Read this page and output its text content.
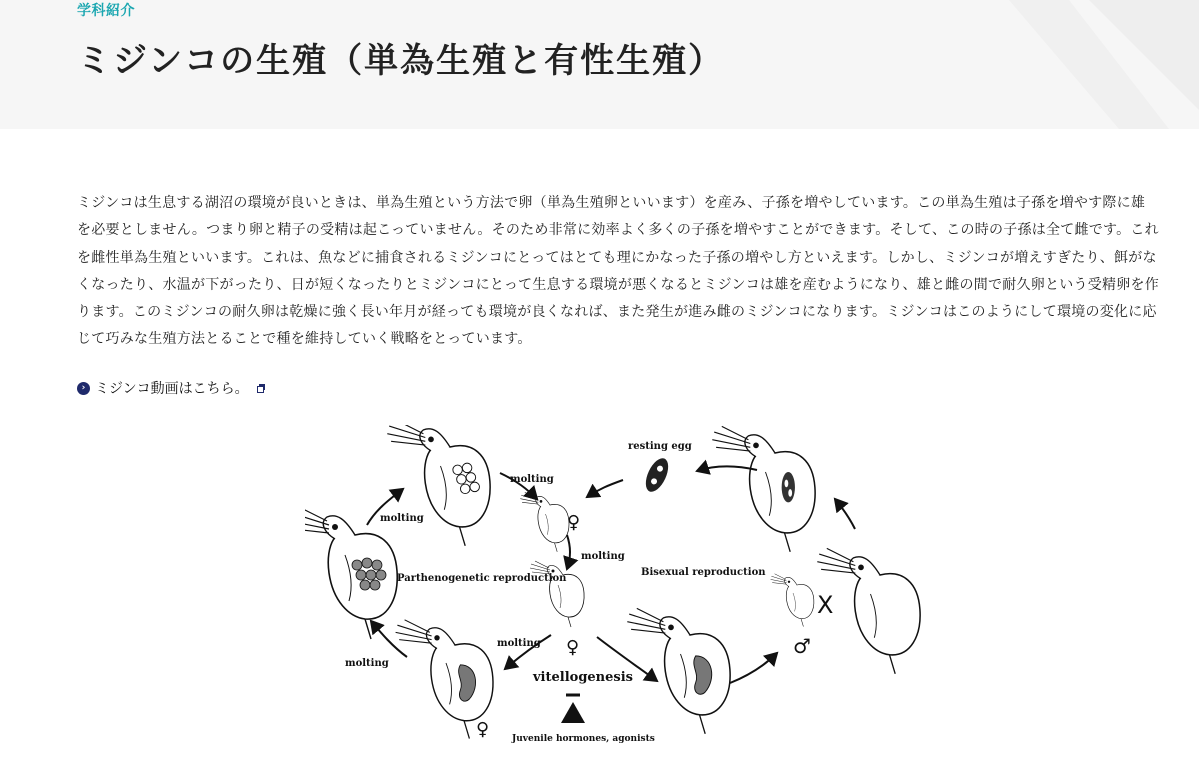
学科紹介
ミジンコの生殖（単為生殖と有性生殖）

ミジンコは生息する湖沼の環境が良いときは、単為生殖という方法で卵（単為生殖卵といいます）を産み、子孫を増やしています。この単為生殖は子孫を増やす際に雄を必要としません。つまり卵と精子の受精は起こっていません。そのため非常に効率よく多くの子孫を増やすことができます。そして、この時の子孫は全て雌です。これを雌性単為生殖といいます。これは、魚などに捕食されるミジンコにとってはとても理にかなった子孫の増やし方といえます。しかし、ミジンコが増えすぎたり、餌がなくなったり、水温が下がったり、日が短くなったりとミジンコにとって生息する環境が悪くなるとミジンコは雄を産むようになり、雄と雌の間で耐久卵という受精卵を作ります。このミジンコの耐久卵は乾燥に強く長い年月が経っても環境が良くなれば、また発生が進み雌のミジンコになります。ミジンコはこのようにして環境の変化に応じて巧みな生殖方法とることで種を維持していく戦略をとっています。

› ミジンコ動画はこちら。
molting
molting
molting
molting
molting
resting egg
Parthenogenetic reproduction
Bisexual reproduction
vitellogenesis
Juvenile hormones, agonists
♀
♀
♀
♂
X
